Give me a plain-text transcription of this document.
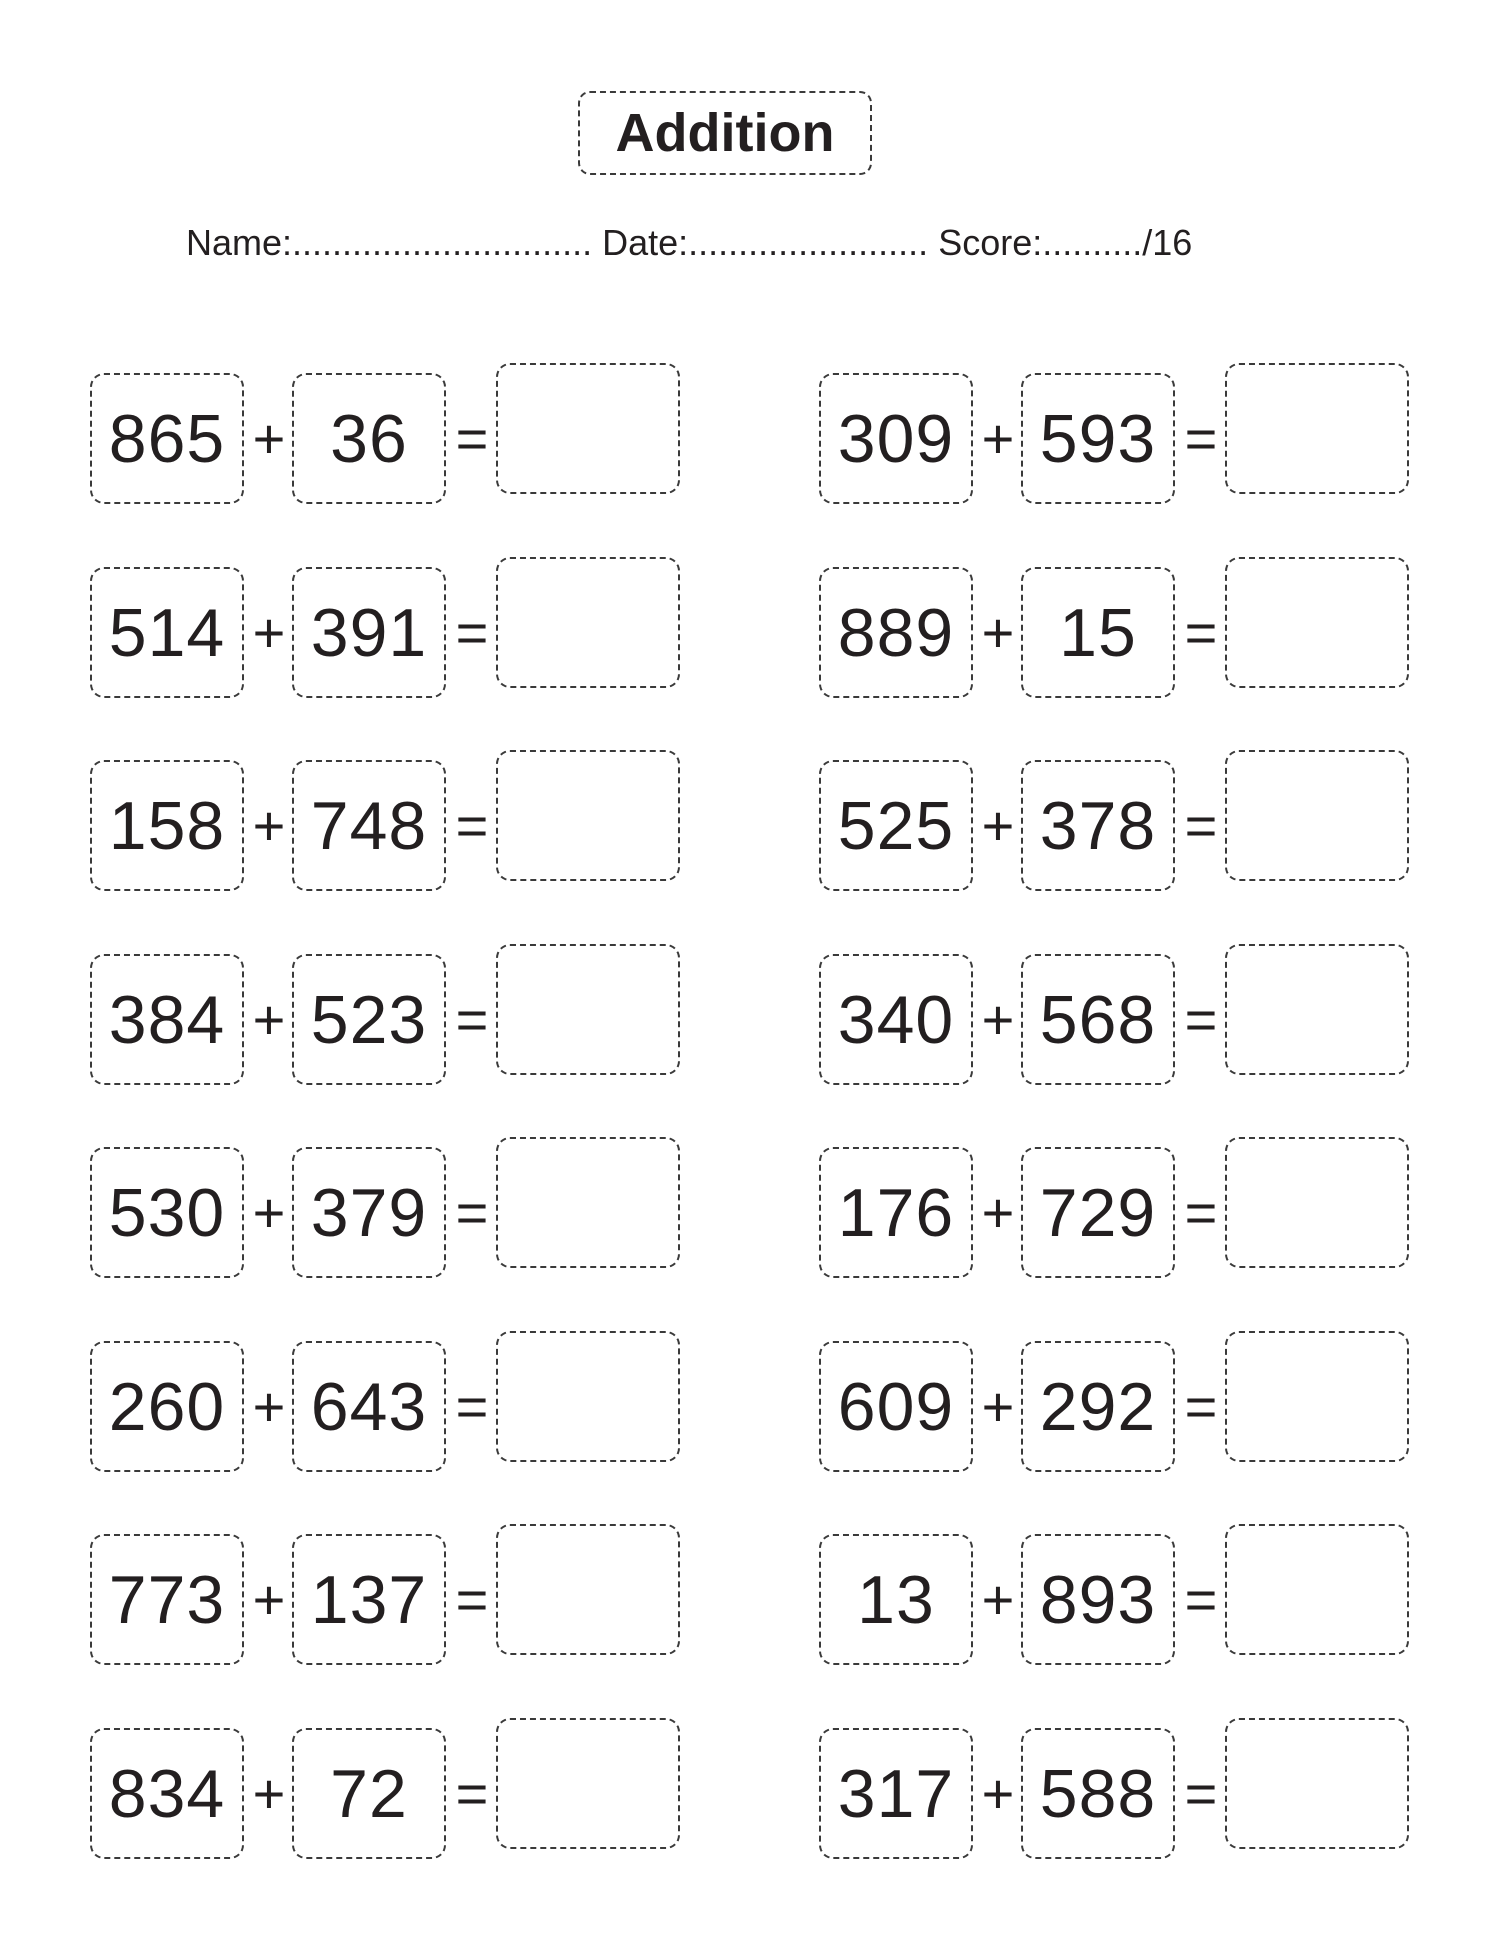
Addition
Name:.............................. Date:........................ Score:........../16
865 + 36 =
514 + 391 =
158 + 748 =
384 + 523 =
530 + 379 =
260 + 643 =
773 + 137 =
834 + 72 =
309 + 593 =
889 + 15 =
525 + 378 =
340 + 568 =
176 + 729 =
609 + 292 =
13 + 893 =
317 + 588 =
